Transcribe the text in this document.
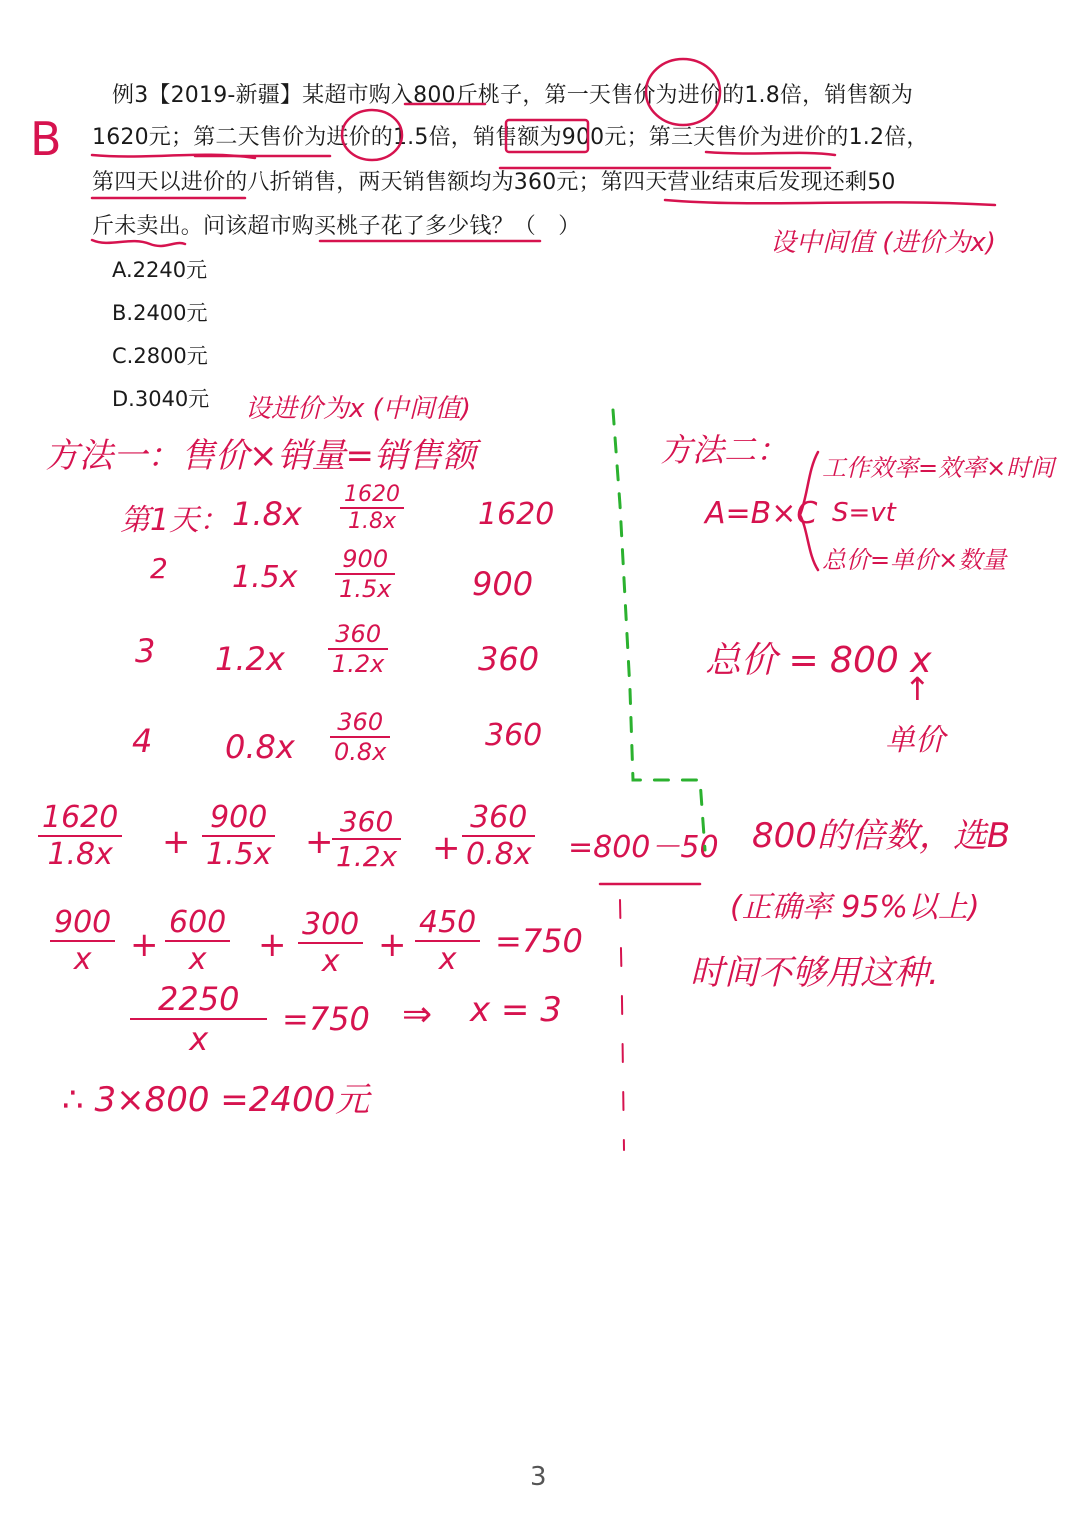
例3【2019-新疆】某超市购入800斤桃子，第一天售价为进价的1.8倍，销售额为
1620元；第二天售价为进价的1.5倍，销售额为900元；第三天售价为进价的1.2倍，
第四天以进价的八折销售，两天销售额均为360元；第四天营业结束后发现还剩50
斤未卖出。问该超市购买桃子花了多少钱？（　）
A.2240元
B.2400元
C.2800元
D.3040元
B
设中间值 (进价为x)
设进价为x (中间值)
方法一：售价×销量=销售额
第1天： $1.8x \frac{1620}{1.8x} 1620$
2 $1.5x \frac{900}{1.5x} 900$
3 $1.2x \frac{360}{1.2x}$	360
4 $0.8x \frac{360}{0.8x}$	360
$\frac{1620}{1.8x} + \frac{900}{1.5x}$ +
$\frac{360}{1.2x} + \frac{360}{0.8x} =800-50$
$\frac{900}{x} + \frac{600}{x} + \frac{300}{x} + \frac{450}{x} =750$
$\frac{2250}{x} =750$ ⇒ x = 3
∴ 3×800 =2400元
方法二：
A=B×C
工作效率=效率×时间
S=vt
总价=单价×数量
总价 = 800 x
↑
单价
800的倍数，选B
(正确率 95%以上)
时间不够用这种.
3
